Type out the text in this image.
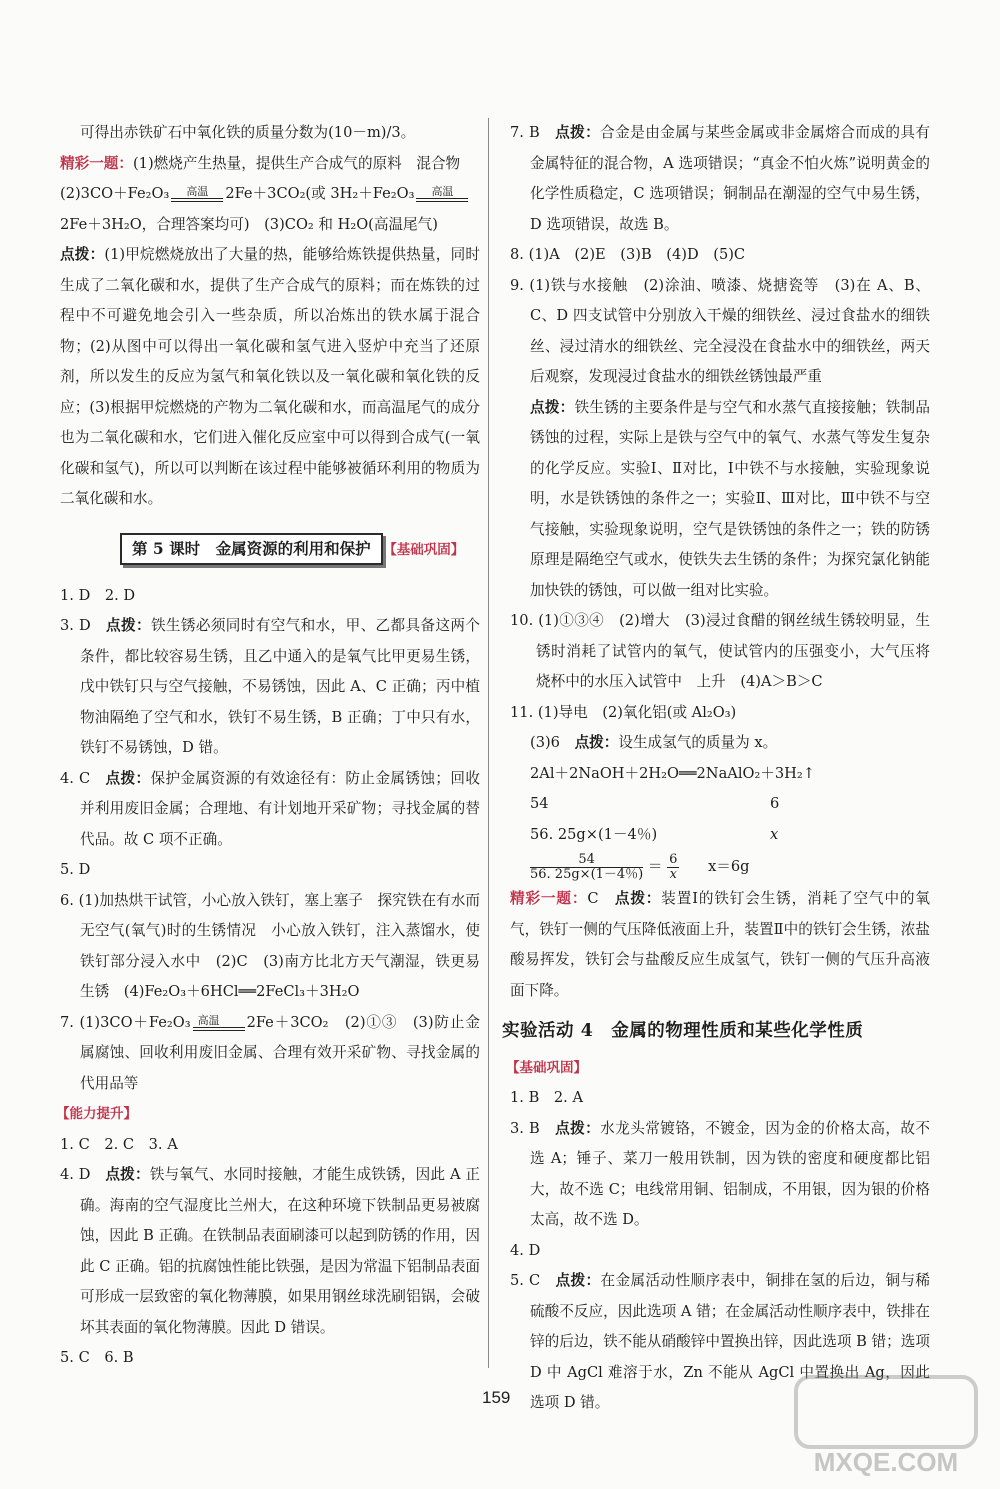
可得出赤铁矿石中氧化铁的质量分数为(10－m)/3。

精彩一题：(1)燃烧产生热量，提供生产合成气的原料　混合物

(2)3CO＋Fe₂O₃ 高温 2Fe＋3CO₂(或 3H₂＋Fe₂O₃ 高温

2Fe＋3H₂O，合理答案均可)　(3)CO₂ 和 H₂O(高温尾气)

点拨：(1)甲烷燃烧放出了大量的热，能够给炼铁提供热量，同时生成了二氧化碳和水，提供了生产合成气的原料；而在炼铁的过程中不可避免地会引入一些杂质，所以冶炼出的铁水属于混合物；(2)从图中可以得出一氧化碳和氢气进入竖炉中充当了还原剂，所以发生的反应为氢气和氧化铁以及一氧化碳和氧化铁的反应；(3)根据甲烷燃烧的产物为二氧化碳和水，而高温尾气的成分也为二氧化碳和水，它们进入催化反应室中可以得到合成气(一氧化碳和氢气)，所以可以判断在该过程中能够被循环利用的物质为二氧化碳和水。

第 5 课时　金属资源的利用和保护 【基础巩固】

1. D　2. D

3. D　点拨：铁生锈必须同时有空气和水，甲、乙都具备这两个条件，都比较容易生锈，且乙中通入的是氧气比甲更易生锈，戊中铁钉只与空气接触，不易锈蚀，因此 A、C 正确；丙中植物油隔绝了空气和水，铁钉不易生锈，B 正确；丁中只有水，铁钉不易锈蚀，D 错。

4. C　点拨：保护金属资源的有效途径有：防止金属锈蚀；回收并利用废旧金属；合理地、有计划地开采矿物；寻找金属的替代品。故 C 项不正确。

5. D

6. (1)加热烘干试管，小心放入铁钉，塞上塞子　探究铁在有水而无空气(氧气)时的生锈情况　小心放入铁钉，注入蒸馏水，使铁钉部分浸入水中　(2)C　(3)南方比北方天气潮湿，铁更易生锈　(4)Fe₂O₃＋6HCl══2FeCl₃＋3H₂O

7. (1)3CO＋Fe₂O₃ 高温 2Fe＋3CO₂　(2)①③　(3)防止金属腐蚀、回收利用废旧金属、合理有效开采矿物、寻找金属的代用品等

【能力提升】

1. C　2. C　3. A

4. D　点拨：铁与氧气、水同时接触，才能生成铁锈，因此 A 正确。海南的空气湿度比兰州大，在这种环境下铁制品更易被腐蚀，因此 B 正确。在铁制品表面刷漆可以起到防锈的作用，因此 C 正确。铝的抗腐蚀性能比铁强，是因为常温下铝制品表面可形成一层致密的氧化物薄膜，如果用钢丝球洗刷铝锅，会破坏其表面的氧化物薄膜。因此 D 错误。

5. C　6. B

7. B　点拨：合金是由金属与某些金属或非金属熔合而成的具有金属特征的混合物，A 选项错误；“真金不怕火炼”说明黄金的化学性质稳定，C 选项错误；铜制品在潮湿的空气中易生锈，D 选项错误，故选 B。

8. (1)A　(2)E　(3)B　(4)D　(5)C

9. (1)铁与水接触　(2)涂油、喷漆、烧搪瓷等　(3)在 A、B、C、D 四支试管中分别放入干燥的细铁丝、浸过食盐水的细铁丝、浸过清水的细铁丝、完全浸没在食盐水中的细铁丝，两天后观察，发现浸过食盐水的细铁丝锈蚀最严重

点拨：铁生锈的主要条件是与空气和水蒸气直接接触；铁制品锈蚀的过程，实际上是铁与空气中的氧气、水蒸气等发生复杂的化学反应。实验Ⅰ、Ⅱ对比，Ⅰ中铁不与水接触，实验现象说明，水是铁锈蚀的条件之一；实验Ⅱ、Ⅲ对比，Ⅲ中铁不与空气接触，实验现象说明，空气是铁锈蚀的条件之一；铁的防锈原理是隔绝空气或水，使铁失去生锈的条件；为探究氯化钠能加快铁的锈蚀，可以做一组对比实验。

10. (1)①③④　(2)增大　(3)浸过食醋的钢丝绒生锈较明显，生锈时消耗了试管内的氧气，使试管内的压强变小，大气压将烧杯中的水压入试管中　上升　(4)A＞B＞C

11. (1)导电　(2)氧化铝(或 Al₂O₃)

(3)6　点拨：设生成氢气的质量为 x。

2Al＋2NaOH＋2H₂O══2NaAlO₂＋3H₂↑

54	6
56. 25g×(1－4％)	x
$\frac{54}{56. 25g\times(1-4\%)} = \frac{6}{x} x=6g$

精彩一题：C　点拨：装置Ⅰ的铁钉会生锈，消耗了空气中的氧气，铁钉一侧的气压降低液面上升，装置Ⅱ中的铁钉会生锈，浓盐酸易挥发，铁钉会与盐酸反应生成氢气，铁钉一侧的气压升高液面下降。

实验活动 4　金属的物理性质和某些化学性质

【基础巩固】

1. B　2. A

3. B　点拨：水龙头常镀铬，不镀金，因为金的价格太高，故不选 A；锤子、菜刀一般用铁制，因为铁的密度和硬度都比铝大，故不选 C；电线常用铜、铝制成，不用银，因为银的价格太高，故不选 D。

4. D

5. C　点拨：在金属活动性顺序表中，铜排在氢的后边，铜与稀硫酸不反应，因此选项 A 错；在金属活动性顺序表中，铁排在锌的后边，铁不能从硝酸锌中置换出锌，因此选项 B 错；选项 D 中 AgCl 难溶于水，Zn 不能从 AgCl 中置换出 Ag，因此选项 D 错。

159
MXQE.COM
